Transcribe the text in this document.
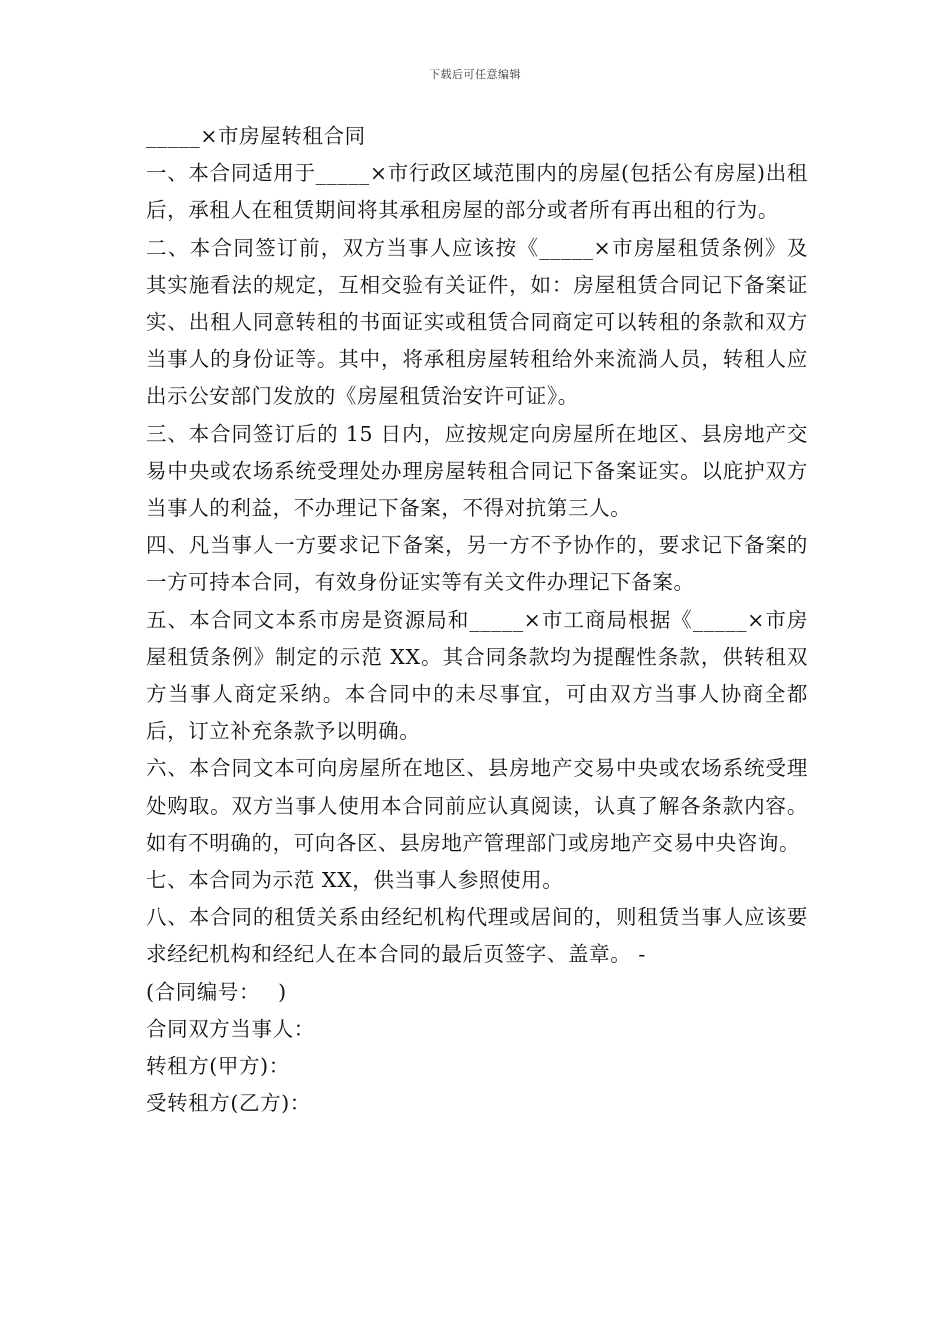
下载后可任意编辑

_____×市房屋转租合同

一、本合同适用于_____×市行政区域范围内的房屋(包括公有房屋)出租后，承租人在租赁期间将其承租房屋的部分或者所有再出租的行为。

二、本合同签订前，双方当事人应该按《_____×市房屋租赁条例》及其实施看法的规定，互相交验有关证件，如：房屋租赁合同记下备案证实、出租人同意转租的书面证实或租赁合同商定可以转租的条款和双方当事人的身份证等。其中，将承租房屋转租给外来流淌人员，转租人应出示公安部门发放的《房屋租赁治安许可证》。

三、本合同签订后的 15 日内，应按规定向房屋所在地区、县房地产交易中央或农场系统受理处办理房屋转租合同记下备案证实。以庇护双方当事人的利益，不办理记下备案，不得对抗第三人。

四、凡当事人一方要求记下备案，另一方不予协作的，要求记下备案的一方可持本合同，有效身份证实等有关文件办理记下备案。

五、本合同文本系市房是资源局和_____×市工商局根据《_____×市房屋租赁条例》制定的示范 XX。其合同条款均为提醒性条款，供转租双方当事人商定采纳。本合同中的未尽事宜，可由双方当事人协商全都后，订立补充条款予以明确。

六、本合同文本可向房屋所在地区、县房地产交易中央或农场系统受理处购取。双方当事人使用本合同前应认真阅读，认真了解各条款内容。如有不明确的，可向各区、县房地产管理部门或房地产交易中央咨询。

七、本合同为示范 XX，供当事人参照使用。

八、本合同的租赁关系由经纪机构代理或居间的，则租赁当事人应该要求经纪机构和经纪人在本合同的最后页签字、盖章。 -

(合同编号：　 )

合同双方当事人：

转租方(甲方)：

受转租方(乙方)：
